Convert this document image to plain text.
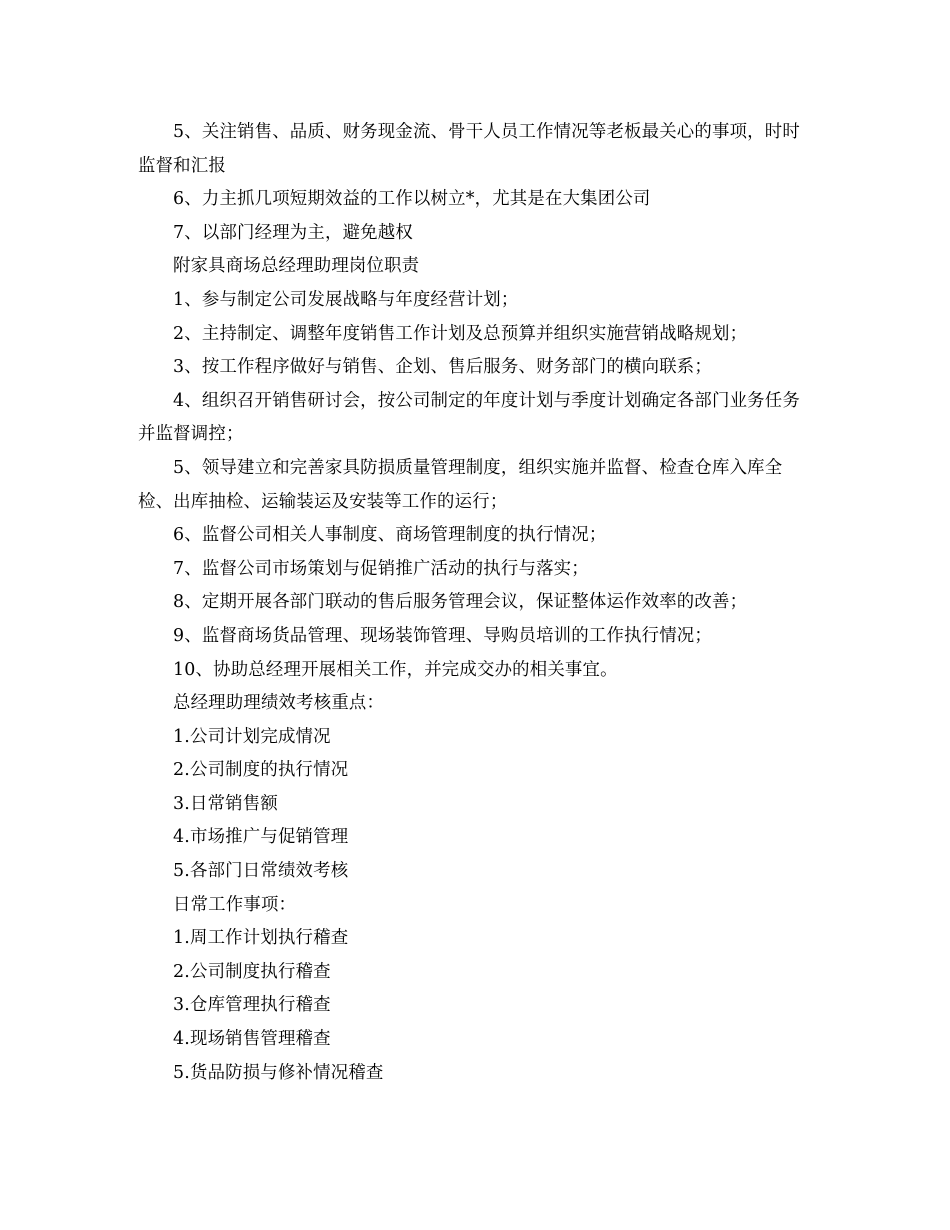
5、关注销售、品质、财务现金流、骨干人员工作情况等老板最关心的事项，时时监督和汇报

6、力主抓几项短期效益的工作以树立*，尤其是在大集团公司

7、以部门经理为主，避免越权

附家具商场总经理助理岗位职责

1、参与制定公司发展战略与年度经营计划；

2、主持制定、调整年度销售工作计划及总预算并组织实施营销战略规划；

3、按工作程序做好与销售、企划、售后服务、财务部门的横向联系；

4、组织召开销售研讨会，按公司制定的年度计划与季度计划确定各部门业务任务并监督调控；

5、领导建立和完善家具防损质量管理制度，组织实施并监督、检查仓库入库全检、出库抽检、运输装运及安装等工作的运行；

6、监督公司相关人事制度、商场管理制度的执行情况；

7、监督公司市场策划与促销推广活动的执行与落实；

8、定期开展各部门联动的售后服务管理会议，保证整体运作效率的改善；

9、监督商场货品管理、现场装饰管理、导购员培训的工作执行情况；

10、协助总经理开展相关工作，并完成交办的相关事宜。

总经理助理绩效考核重点：

1.公司计划完成情况

2.公司制度的执行情况

3.日常销售额

4.市场推广与促销管理

5.各部门日常绩效考核

日常工作事项：

1.周工作计划执行稽查

2.公司制度执行稽查

3.仓库管理执行稽查

4.现场销售管理稽查

5.货品防损与修补情况稽查
